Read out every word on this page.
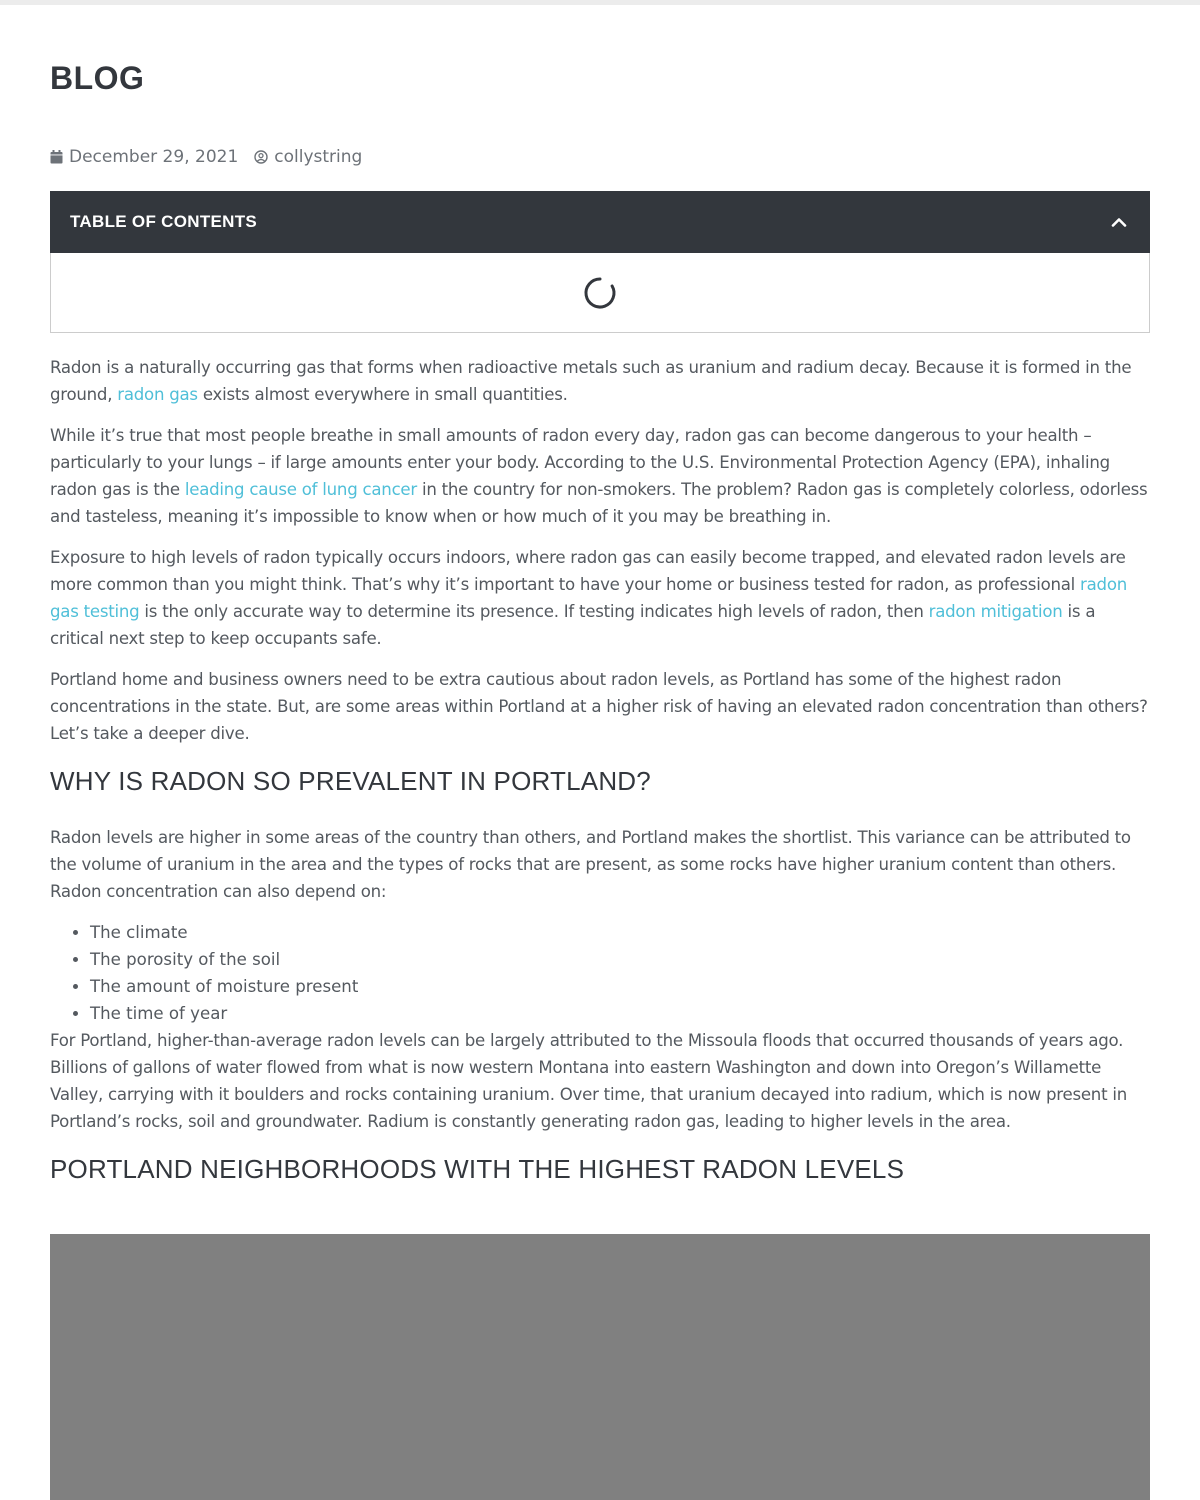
BLOG
December 29, 2021 collystring
TABLE OF CONTENTS

Radon is a naturally occurring gas that forms when radioactive metals such as uranium and radium decay. Because it is formed in the ground, radon gas exists almost everywhere in small quantities.

While it’s true that most people breathe in small amounts of radon every day, radon gas can become dangerous to your health – particularly to your lungs – if large amounts enter your body. According to the U.S. Environmental Protection Agency (EPA), inhaling radon gas is the leading cause of lung cancer in the country for non-smokers. The problem? Radon gas is completely colorless, odorless and tasteless, meaning it’s impossible to know when or how much of it you may be breathing in.

Exposure to high levels of radon typically occurs indoors, where radon gas can easily become trapped, and elevated radon levels are more common than you might think. That’s why it’s important to have your home or business tested for radon, as professional radon gas testing is the only accurate way to determine its presence. If testing indicates high levels of radon, then radon mitigation is a critical next step to keep occupants safe.

Portland home and business owners need to be extra cautious about radon levels, as Portland has some of the highest radon concentrations in the state. But, are some areas within Portland at a higher risk of having an elevated radon concentration than others? Let’s take a deeper dive.

WHY IS RADON SO PREVALENT IN PORTLAND?

Radon levels are higher in some areas of the country than others, and Portland makes the shortlist. This variance can be attributed to the volume of uranium in the area and the types of rocks that are present, as some rocks have higher uranium content than others. Radon concentration can also depend on:

• The climate
• The porosity of the soil
• The amount of moisture present
• The time of year

For Portland, higher-than-average radon levels can be largely attributed to the Missoula floods that occurred thousands of years ago. Billions of gallons of water flowed from what is now western Montana into eastern Washington and down into Oregon’s Willamette Valley, carrying with it boulders and rocks containing uranium. Over time, that uranium decayed into radium, which is now present in Portland’s rocks, soil and groundwater. Radium is constantly generating radon gas, leading to higher levels in the area.

PORTLAND NEIGHBORHOODS WITH THE HIGHEST RADON LEVELS
